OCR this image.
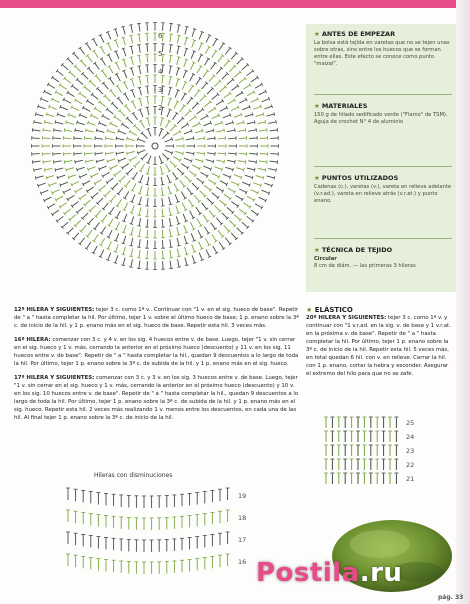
6
5
4
3
2
★ ANTES DE EMPEZAR

La bolsa está tejida en varetas que no se tejen unas sobre otras, sino entre los huecos que se forman entre ellas. Este efecto se conoce como punto "maizal".

★ MATERIALES

150 g de hilado sedificado verde ("Flamo" de TSM). Aguja de crochet N° 4 de aluminio

★ PUNTOS UTILIZADOS

Cadenas (c.), varetas (v.), vareta en relieve adelante (v.r.ad.), vareta en relieve atrás (v.r.at.) y punto enano.

★ TÉCNICA DE TEJIDO

Circular

8 cm de diám. — las primeras 3 hileras

12ª HILERA Y SIGUIENTES: tejer 3 c. como 1ª v.. Continuar con "1 v. en el sig. hueco de base". Repetir de " a " hasta completar la hil. Por último, tejer 1 v. sobre el último hueco de base; 1 p. enano sobre la 3ª c. de inicio de la hil. y 1 p. enano más en el sig. hueco de base. Repetir esta hil. 3 veces más.

16ª HILERA: comenzar con 3 c. y 4 v. en los sig. 4 huecos entre v. de base. Luego, tejer "1 v. sin cerrar en el sig. hueco y 1 v. más, cerrando la anterior en el próximo hueco (descuento) y 11 v. en los sig. 11 huecos entre v. de base". Repetir de " a " hasta completar la hil., quedan 9 descuentos a lo largo de toda la hil. Por último, tejer 1 p. enano sobre la 3ª c. de subida de la hil. y 1 p. enano más en el sig. hueco.

17ª HILERA Y SIGUIENTES: comenzar con 3 c. y 3 v. en los sig. 3 huecos entre v. de base. Luego, tejer "1 v. sin cerrar en el sig. hueco y 1 v. más, cerrando la anterior en el próximo hueco (descuento) y 10 v. en los sig. 10 huecos entre v. de base". Repetir de " a " hasta completar la hil., quedan 9 descuentos a lo largo de toda la hil. Por último, tejer 1 p. enano sobre la 3ª c. de subida de la hil. y 1 p. enano más en el sig. hueco. Repetir esta hil. 2 veces más realizando 1 v. menos entre los descuentos, en cada una de las hil. Al final tejer 1 p. enano sobre la 3ª c. de inicio de la hil.

★ ELÁSTICO

20ª HILERA Y SIGUIENTES: tejer 3 c. como 1ª v. y continuar con "1 v.r.ad. en la sig. v. de base y 1 v.r.at. en la próxima v. de base". Repetir de " a " hasta completar la hil. Por último, tejer 1 p. enano sobre la 3ª c. de inicio de la hil. Repetir esta hil. 5 veces más, en total quedan 6 hil. con v. en relieve. Cerrar la hil. con 1 p. enano, cortar la hebra y esconder. Asegurar el extremo del hilo para que no se zafe.

Hileras con disminuciones
19
18
17
16
21
22
23
24
25
Postila.ru
pág. 33
